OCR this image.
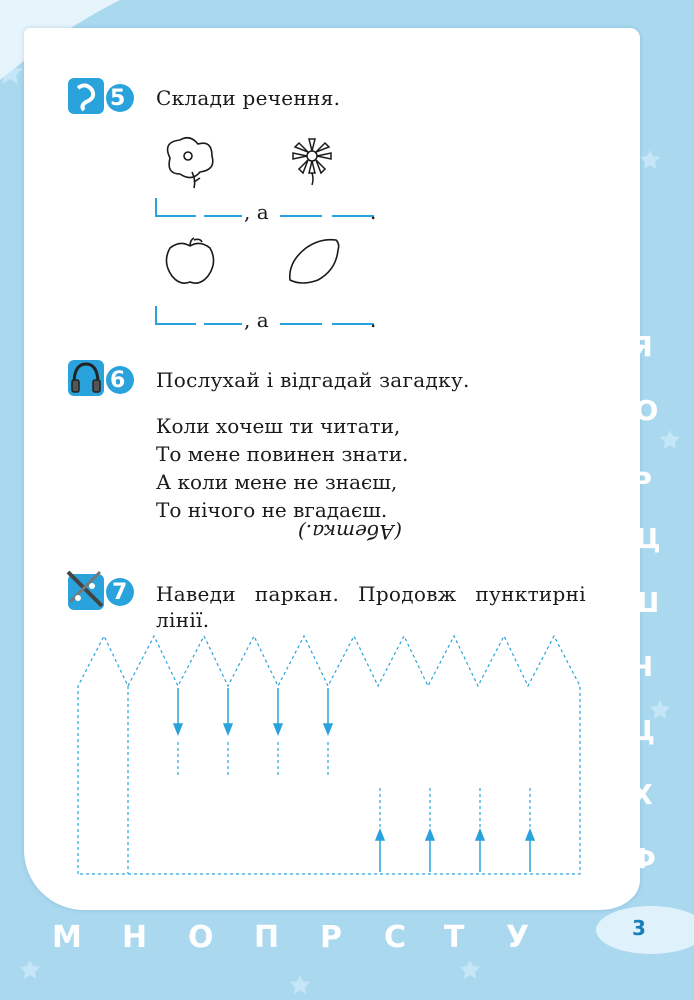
5 Склади речення.
, а	.
, а	.
6 Послухай і відгадай загадку.
Коли хочеш ти читати,
То мене повинен знати.
А коли мене не знаєш,
То нічого не вгадаєш.
(Абетка.)
7 Наведи паркан. Продовж пунктирні
лінії.
Я
Ю
Ь
Щ
Ш
Ч
Ц
Х
Ф
М Н О П Р С Т У	3
